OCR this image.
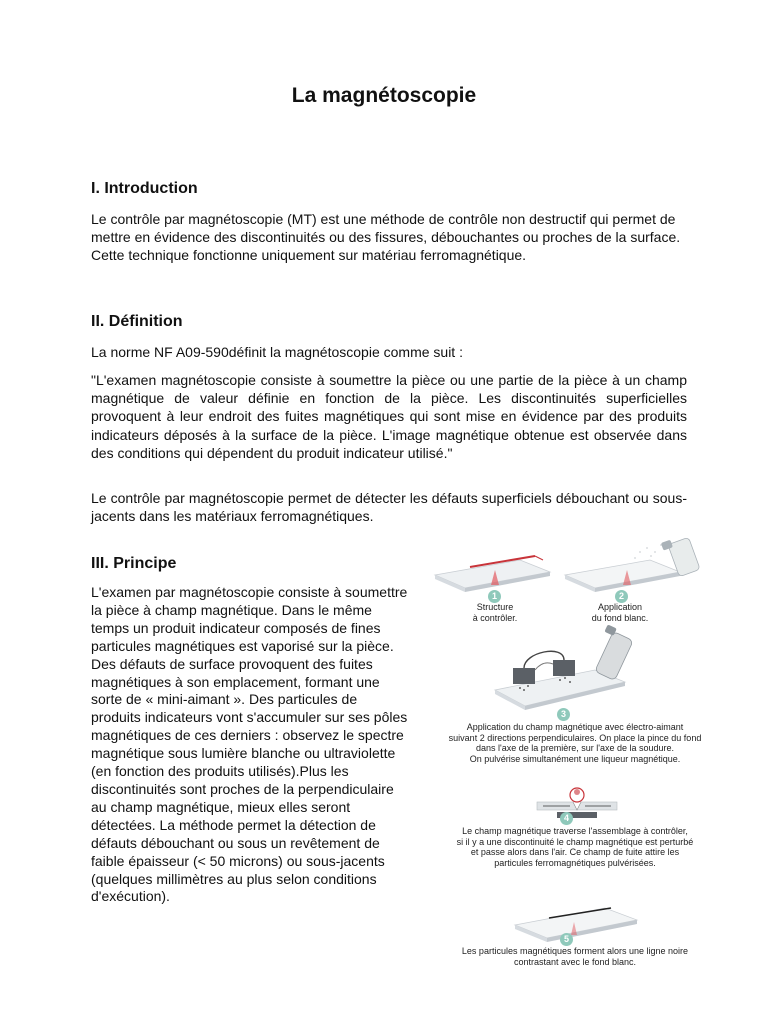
La magnétoscopie
I. Introduction

Le contrôle par magnétoscopie (MT) est une méthode de contrôle non destructif qui permet de mettre en évidence des discontinuités ou des fissures, débouchantes ou proches de la surface. Cette technique fonctionne uniquement sur matériau ferromagnétique.

II. Définition

La norme NF A09-590définit la magnétoscopie comme suit :

"L'examen magnétoscopie consiste à soumettre la pièce ou une partie de la pièce à un champ magnétique de valeur définie en fonction de la pièce. Les discontinuités superficielles provoquent à leur endroit des fuites magnétiques qui sont mise en évidence par des produits indicateurs déposés à la surface de la pièce. L'image magnétique obtenue est observée dans des conditions qui dépendent du produit indicateur utilisé."

Le contrôle par magnétoscopie permet de détecter les défauts superficiels débouchant ou sous-jacents dans les matériaux ferromagnétiques.

III. Principe

L'examen par magnétoscopie consiste à soumettre la pièce à champ magnétique. Dans le même temps un produit indicateur composés de fines particules magnétiques est vaporisé sur la pièce. Des défauts de surface provoquent des fuites magnétiques à son emplacement, formant une sorte de « mini-aimant ». Des particules de produits indicateurs vont s'accumuler sur ses pôles magnétiques de ces derniers : observez le spectre magnétique sous lumière blanche ou ultraviolette (en fonction des produits utilisés).Plus les discontinuités sont proches de la perpendiculaire au champ magnétique, mieux elles seront détectées. La méthode permet la détection de défauts débouchant ou sous un revêtement de faible épaisseur (< 50 microns) ou sous-jacents (quelques millimètres au plus selon conditions d'exécution).

1
Structure
à contrôler.
2
Application
du fond blanc.
3
Application du champ magnétique avec électro-aimant
suivant 2 directions perpendiculaires. On place la pince du fond
dans l'axe de la première, sur l'axe de la soudure.
On pulvérise simultanément une liqueur magnétique.
4
Le champ magnétique traverse l'assemblage à contrôler,
si il y a une discontinuité le champ magnétique est perturbé
et passe alors dans l'air. Ce champ de fuite attire les
particules ferromagnétiques pulvérisées.
5
Les particules magnétiques forment alors une ligne noire
contrastant avec le fond blanc.
